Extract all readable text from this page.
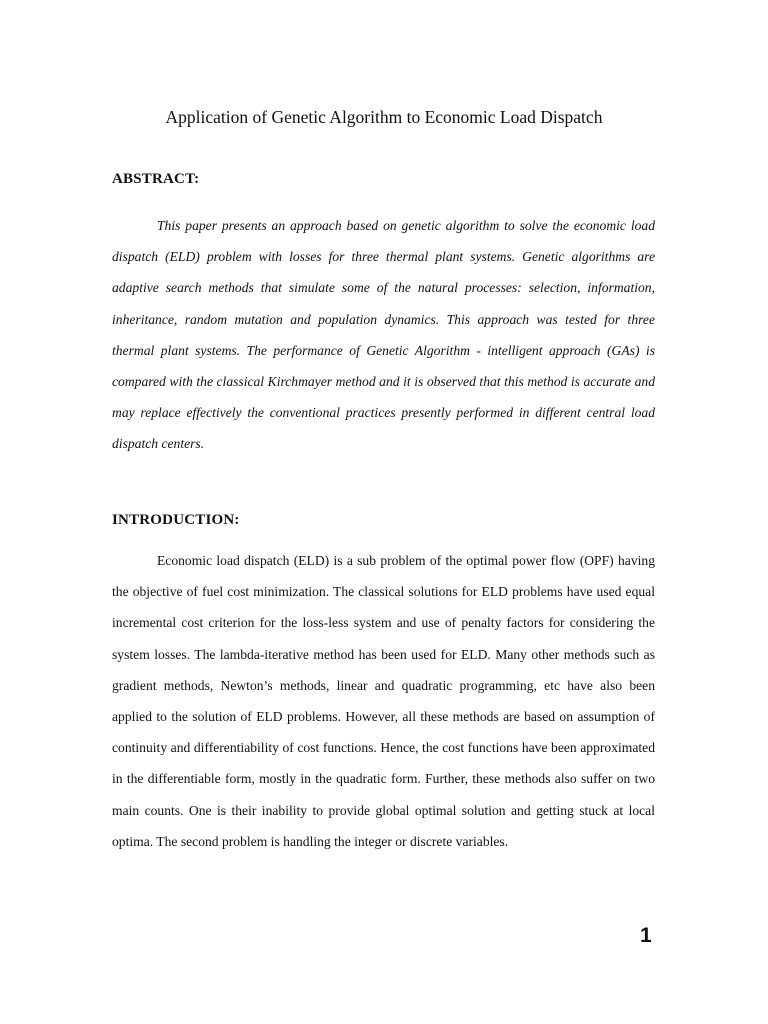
Application of Genetic Algorithm to Economic Load Dispatch
ABSTRACT:

This paper presents an approach based on genetic algorithm to solve the economic load dispatch (ELD) problem with losses for three thermal plant systems. Genetic algorithms are adaptive search methods that simulate some of the natural processes: selection, information, inheritance, random mutation and population dynamics. This approach was tested for three thermal plant systems. The performance of Genetic Algorithm - intelligent approach (GAs) is compared with the classical Kirchmayer method and it is observed that this method is accurate and may replace effectively the conventional practices presently performed in different central load dispatch centers.

INTRODUCTION:

Economic load dispatch (ELD) is a sub problem of the optimal power flow (OPF) having the objective of fuel cost minimization. The classical solutions for ELD problems have used equal incremental cost criterion for the loss-less system and use of penalty factors for considering the system losses. The lambda-iterative method has been used for ELD. Many other methods such as gradient methods, Newton’s methods, linear and quadratic programming, etc have also been applied to the solution of ELD problems. However, all these methods are based on assumption of continuity and differentiability of cost functions. Hence, the cost functions have been approximated in the differentiable form, mostly in the quadratic form. Further, these methods also suffer on two main counts. One is their inability to provide global optimal solution and getting stuck at local optima. The second problem is handling the integer or discrete variables.

1
